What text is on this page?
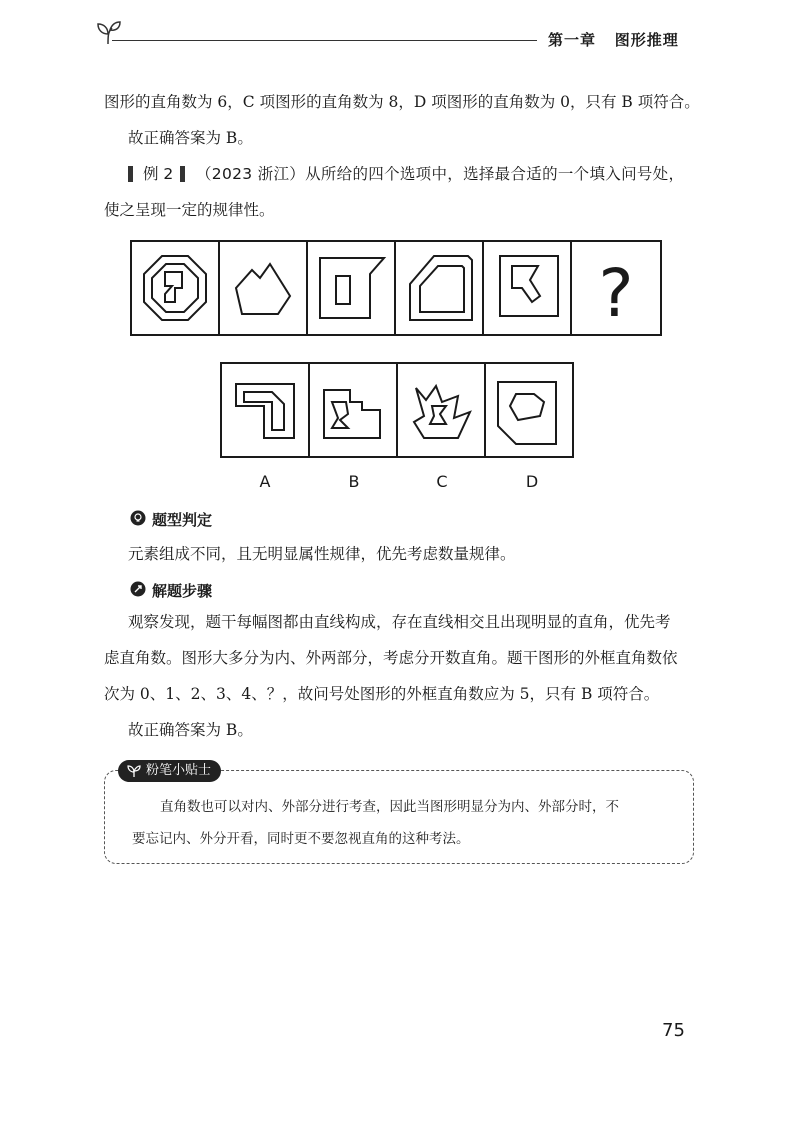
第一章 图形推理
图形的直角数为 6，C 项图形的直角数为 8，D 项图形的直角数为 0，只有 B 项符合。
故正确答案为 B。
例 2 （2023 浙江）从所给的四个选项中，选择最合适的一个填入问号处，
使之呈现一定的规律性。
?
A	B	C	D
题型判定
元素组成不同，且无明显属性规律，优先考虑数量规律。
解题步骤
观察发现，题干每幅图都由直线构成，存在直线相交且出现明显的直角，优先考
虑直角数。图形大多分为内、外两部分，考虑分开数直角。题干图形的外框直角数依
次为 0、1、2、3、4、？，故问号处图形的外框直角数应为 5，只有 B 项符合。
故正确答案为 B。
粉笔小贴士
直角数也可以对内、外部分进行考查，因此当图形明显分为内、外部分时，不
要忘记内、外分开看，同时更不要忽视直角的这种考法。
75
